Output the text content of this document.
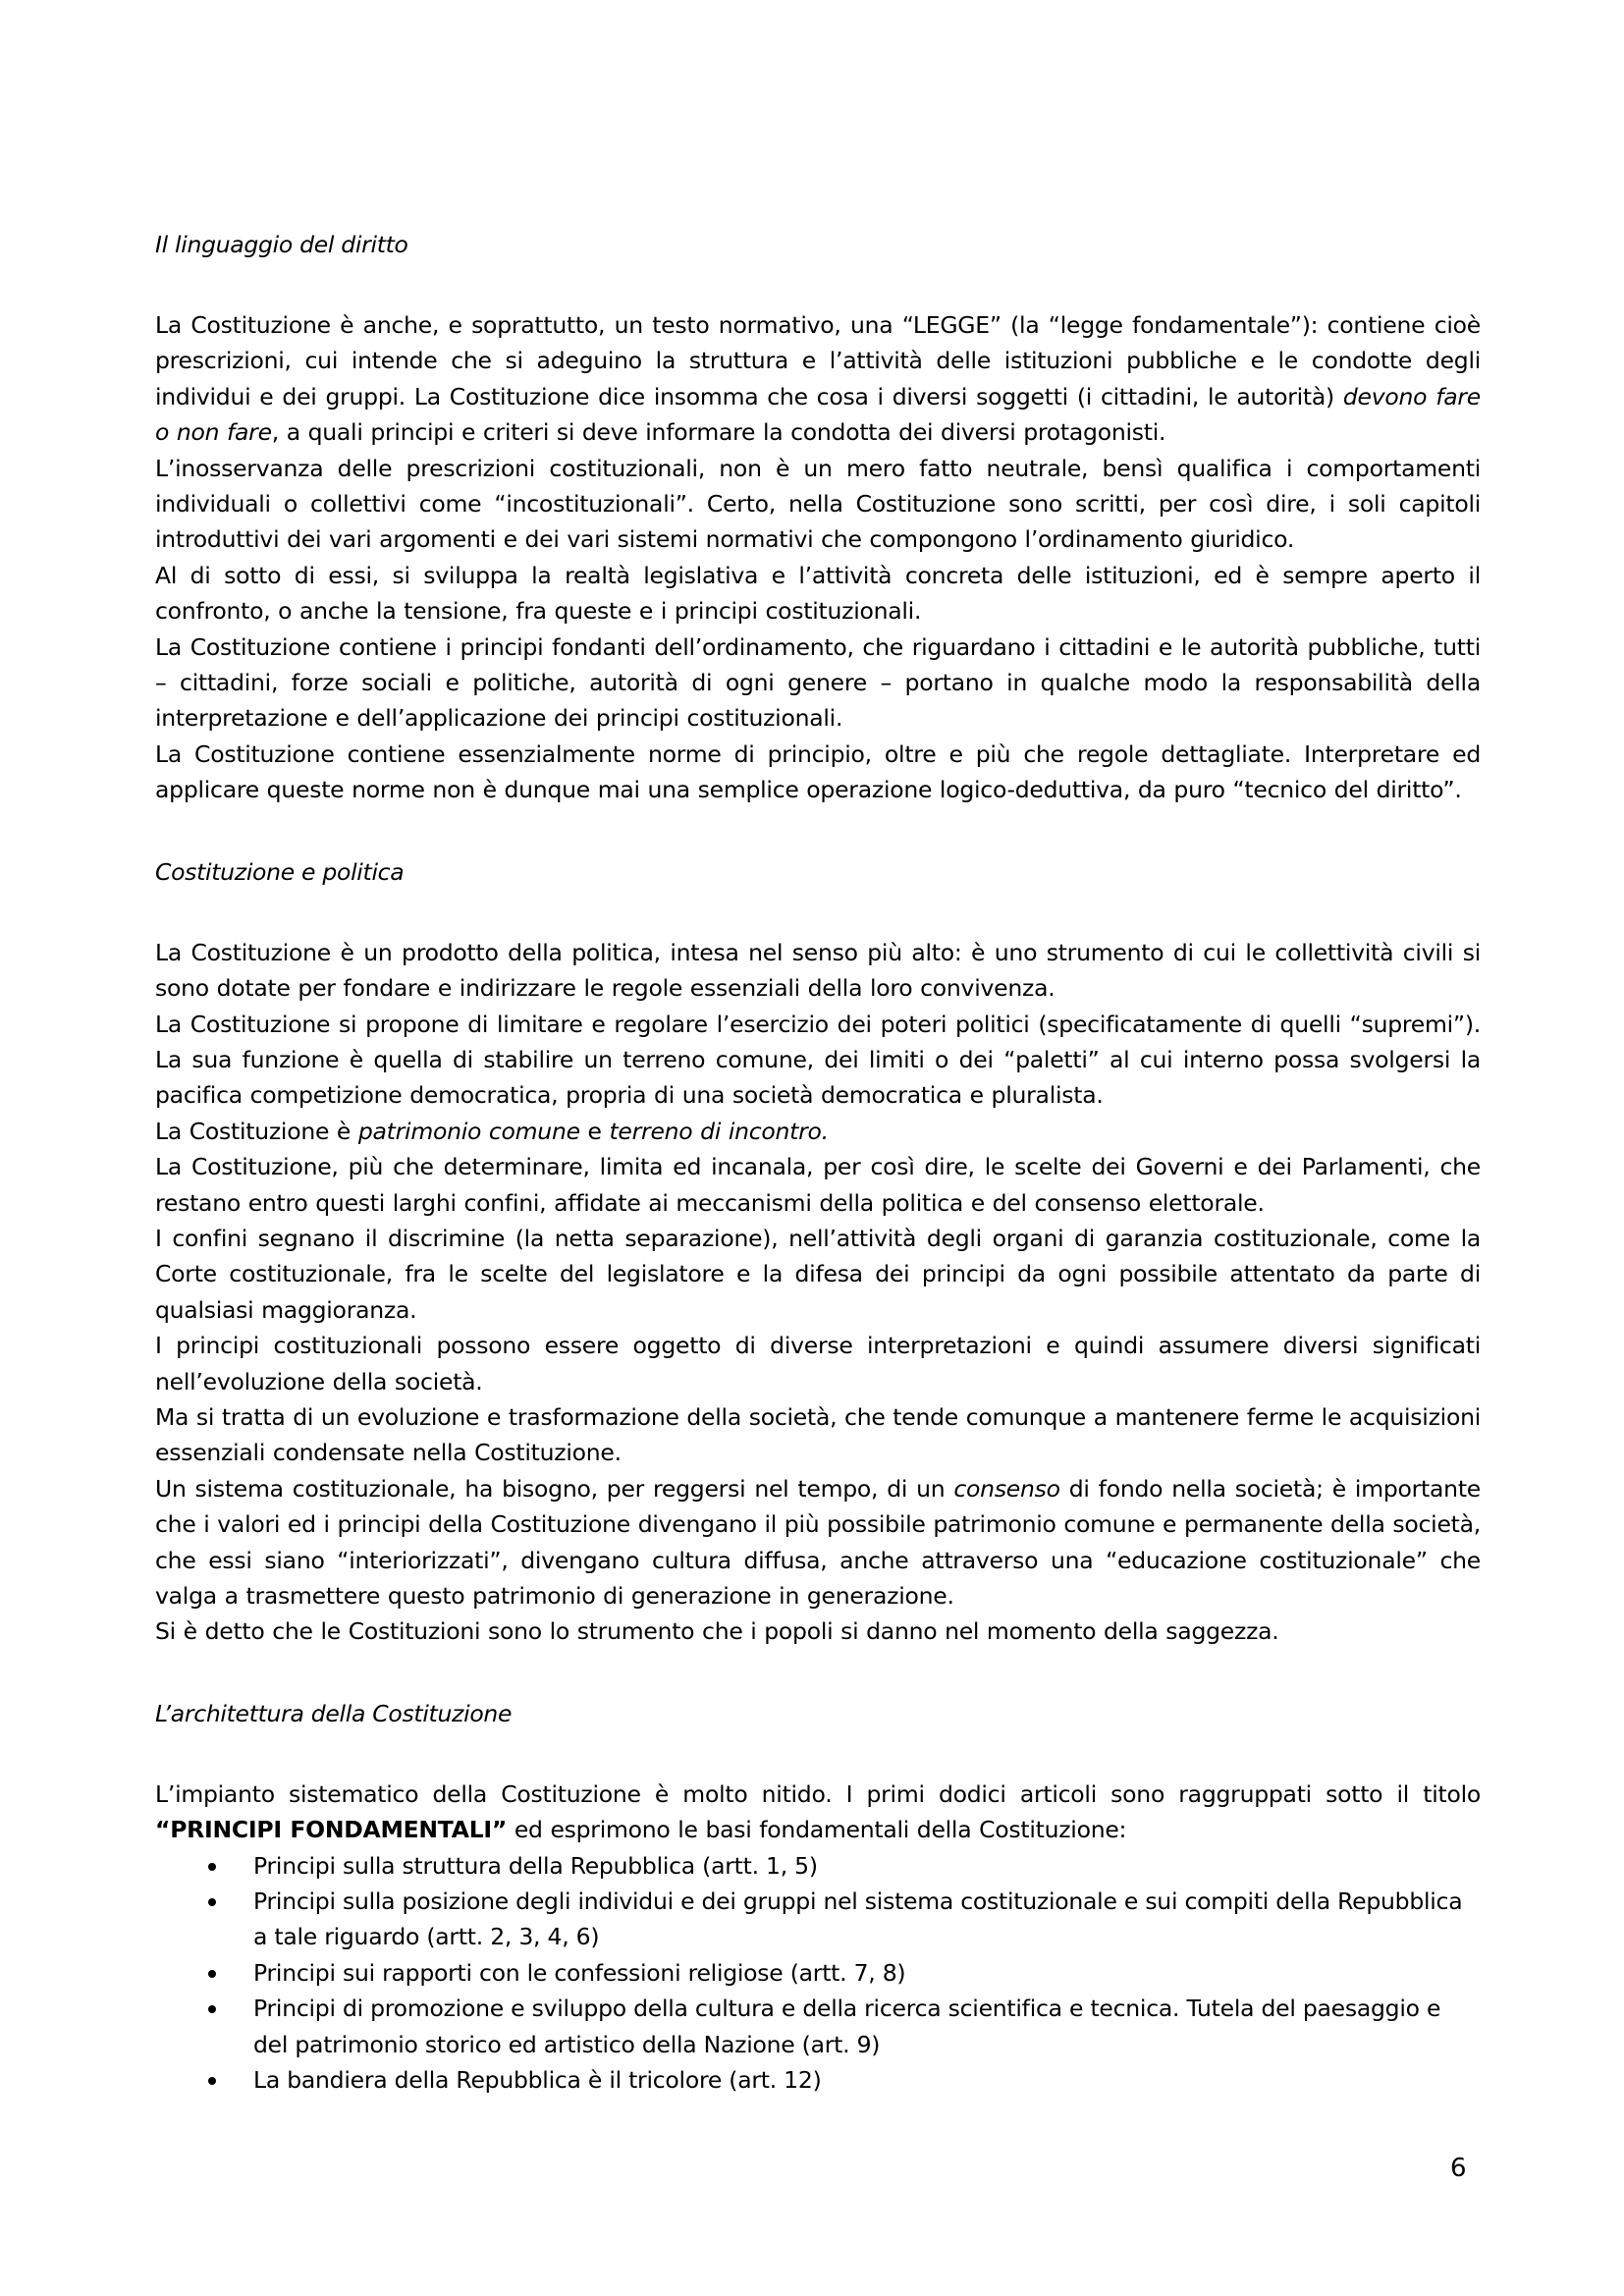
Il linguaggio del diritto

La Costituzione è anche, e soprattutto, un testo normativo, una “LEGGE” (la “legge fondamentale”): contiene cioè prescrizioni, cui intende che si adeguino la struttura e l’attività delle istituzioni pubbliche e le condotte degli individui e dei gruppi. La Costituzione dice insomma che cosa i diversi soggetti (i cittadini, le autorità) devono fare o non fare, a quali principi e criteri si deve informare la condotta dei diversi protagonisti.

L’inosservanza delle prescrizioni costituzionali, non è un mero fatto neutrale, bensì qualifica i comportamenti individuali o collettivi come “incostituzionali”. Certo, nella Costituzione sono scritti, per così dire, i soli capitoli introduttivi dei vari argomenti e dei vari sistemi normativi che compongono l’ordinamento giuridico.

Al di sotto di essi, si sviluppa la realtà legislativa e l’attività concreta delle istituzioni, ed è sempre aperto il confronto, o anche la tensione, fra queste e i principi costituzionali.

La Costituzione contiene i principi fondanti dell’ordinamento, che riguardano i cittadini e le autorità pubbliche, tutti – cittadini, forze sociali e politiche, autorità di ogni genere – portano in qualche modo la responsabilità della interpretazione e dell’applicazione dei principi costituzionali.

La Costituzione contiene essenzialmente norme di principio, oltre e più che regole dettagliate. Interpretare ed applicare queste norme non è dunque mai una semplice operazione logico-deduttiva, da puro “tecnico del diritto”.

Costituzione e politica

La Costituzione è un prodotto della politica, intesa nel senso più alto: è uno strumento di cui le collettività civili si sono dotate per fondare e indirizzare le regole essenziali della loro convivenza.

La Costituzione si propone di limitare e regolare l’esercizio dei poteri politici (specificatamente di quelli “supremi”). La sua funzione è quella di stabilire un terreno comune, dei limiti o dei “paletti” al cui interno possa svolgersi la pacifica competizione democratica, propria di una società democratica e pluralista.

La Costituzione è patrimonio comune e terreno di incontro.

La Costituzione, più che determinare, limita ed incanala, per così dire, le scelte dei Governi e dei Parlamenti, che restano entro questi larghi confini, affidate ai meccanismi della politica e del consenso elettorale.

I confini segnano il discrimine (la netta separazione), nell’attività degli organi di garanzia costituzionale, come la Corte costituzionale, fra le scelte del legislatore e la difesa dei principi da ogni possibile attentato da parte di qualsiasi maggioranza.

I principi costituzionali possono essere oggetto di diverse interpretazioni e quindi assumere diversi significati nell’evoluzione della società.

Ma si tratta di un evoluzione e trasformazione della società, che tende comunque a mantenere ferme le acquisizioni essenziali condensate nella Costituzione.

Un sistema costituzionale, ha bisogno, per reggersi nel tempo, di un consenso di fondo nella società; è importante che i valori ed i principi della Costituzione divengano il più possibile patrimonio comune e permanente della società, che essi siano “interiorizzati”, divengano cultura diffusa, anche attraverso una “educazione costituzionale” che valga a trasmettere questo patrimonio di generazione in generazione.

Si è detto che le Costituzioni sono lo strumento che i popoli si danno nel momento della saggezza.

L’architettura della Costituzione

L’impianto sistematico della Costituzione è molto nitido. I primi dodici articoli sono raggruppati sotto il titolo

“PRINCIPI FONDAMENTALI” ed esprimono le basi fondamentali della Costituzione:

Principi sulla struttura della Repubblica (artt. 1, 5)
Principi sulla posizione degli individui e dei gruppi nel sistema costituzionale e sui compiti della Repubblica a tale riguardo (artt. 2, 3, 4, 6)
Principi sui rapporti con le confessioni religiose (artt. 7, 8)
Principi di promozione e sviluppo della cultura e della ricerca scientifica e tecnica. Tutela del paesaggio e del patrimonio storico ed artistico della Nazione (art. 9)
La bandiera della Repubblica è il tricolore (art. 12)
6
